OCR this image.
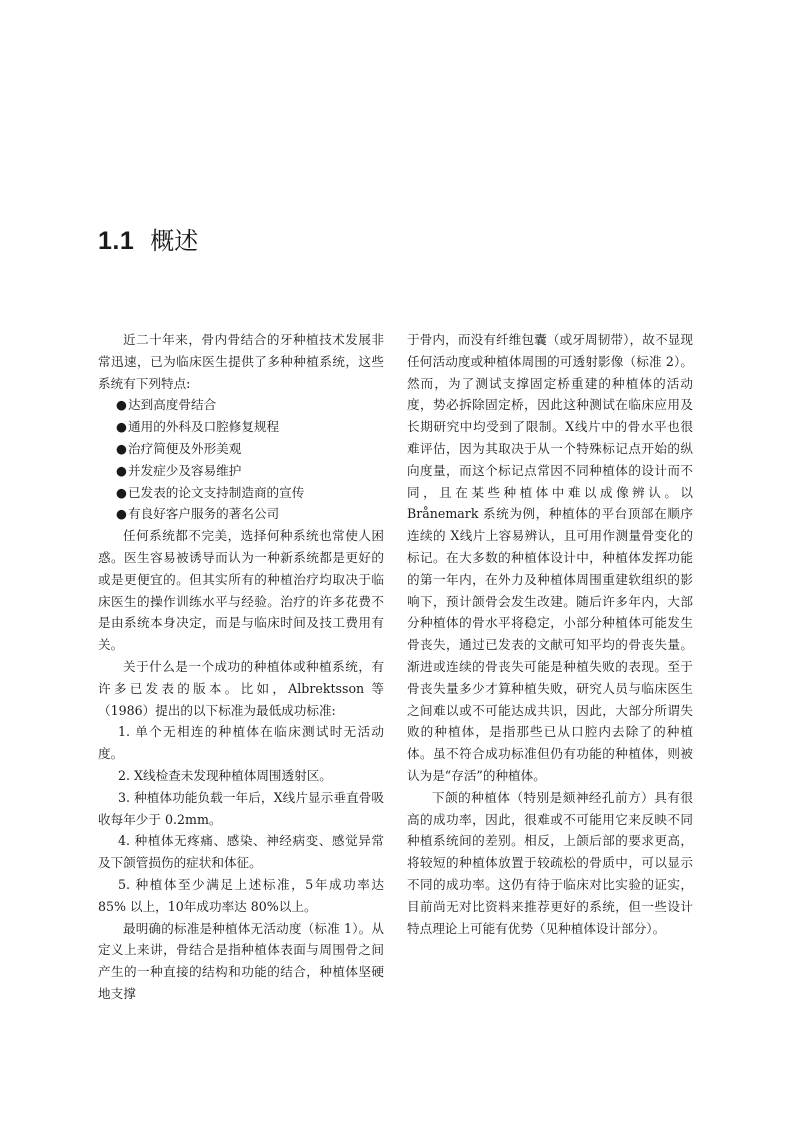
1.1 概述

近二十年来，骨内骨结合的牙种植技术发展非常迅速，已为临床医生提供了多种种植系统，这些系统有下列特点:

● 达到高度骨结合
● 通用的外科及口腔修复规程
● 治疗简便及外形美观
● 并发症少及容易维护
● 已发表的论文支持制造商的宣传
● 有良好客户服务的著名公司

任何系统都不完美，选择何种系统也常使人困惑。医生容易被诱导而认为一种新系统都是更好的或是更便宜的。但其实所有的种植治疗均取决于临床医生的操作训练水平与经验。治疗的许多花费不是由系统本身决定，而是与临床时间及技工费用有关。

关于什么是一个成功的种植体或种植系统，有许多已发表的版本。比如，Albrektsson 等（1986）提出的以下标准为最低成功标准:

1. 单个无相连的种植体在临床测试时无活动度。

2. X线检查未发现种植体周围透射区。

3. 种植体功能负载一年后，X线片显示垂直骨吸收每年少于 0.2mm。

4. 种植体无疼痛、感染、神经病变、感觉异常及下颌管损伤的症状和体征。

5. 种植体至少满足上述标准，5年成功率达 85% 以上，10年成功率达 80%以上。

最明确的标准是种植体无活动度（标准 1）。从定义上来讲，骨结合是指种植体表面与周围骨之间产生的一种直接的结构和功能的结合，种植体坚硬地支撑

于骨内，而没有纤维包囊（或牙周韧带），故不显现任何活动度或种植体周围的可透射影像（标准 2）。然而，为了测试支撑固定桥重建的种植体的活动度，势必拆除固定桥，因此这种测试在临床应用及长期研究中均受到了限制。X线片中的骨水平也很难评估，因为其取决于从一个特殊标记点开始的纵向度量，而这个标记点常因不同种植体的设计而不同，且在某些种植体中难以成像辨认。以 Brånemark 系统为例，种植体的平台顶部在顺序连续的 X线片上容易辨认，且可用作测量骨变化的标记。在大多数的种植体设计中，种植体发挥功能的第一年内，在外力及种植体周围重建软组织的影响下，预计颌骨会发生改建。随后许多年内，大部分种植体的骨水平将稳定，小部分种植体可能发生骨丧失，通过已发表的文献可知平均的骨丧失量。渐进或连续的骨丧失可能是种植失败的表现。至于骨丧失量多少才算种植失败，研究人员与临床医生之间难以或不可能达成共识，因此，大部分所谓失败的种植体，是指那些已从口腔内去除了的种植体。虽不符合成功标准但仍有功能的种植体，则被认为是“存活”的种植体。

下颌的种植体（特别是颏神经孔前方）具有很高的成功率，因此，很难或不可能用它来反映不同种植系统间的差别。相反，上颌后部的要求更高，将较短的种植体放置于较疏松的骨质中，可以显示不同的成功率。这仍有待于临床对比实验的证实，目前尚无对比资料来推荐更好的系统，但一些设计特点理论上可能有优势（见种植体设计部分）。
